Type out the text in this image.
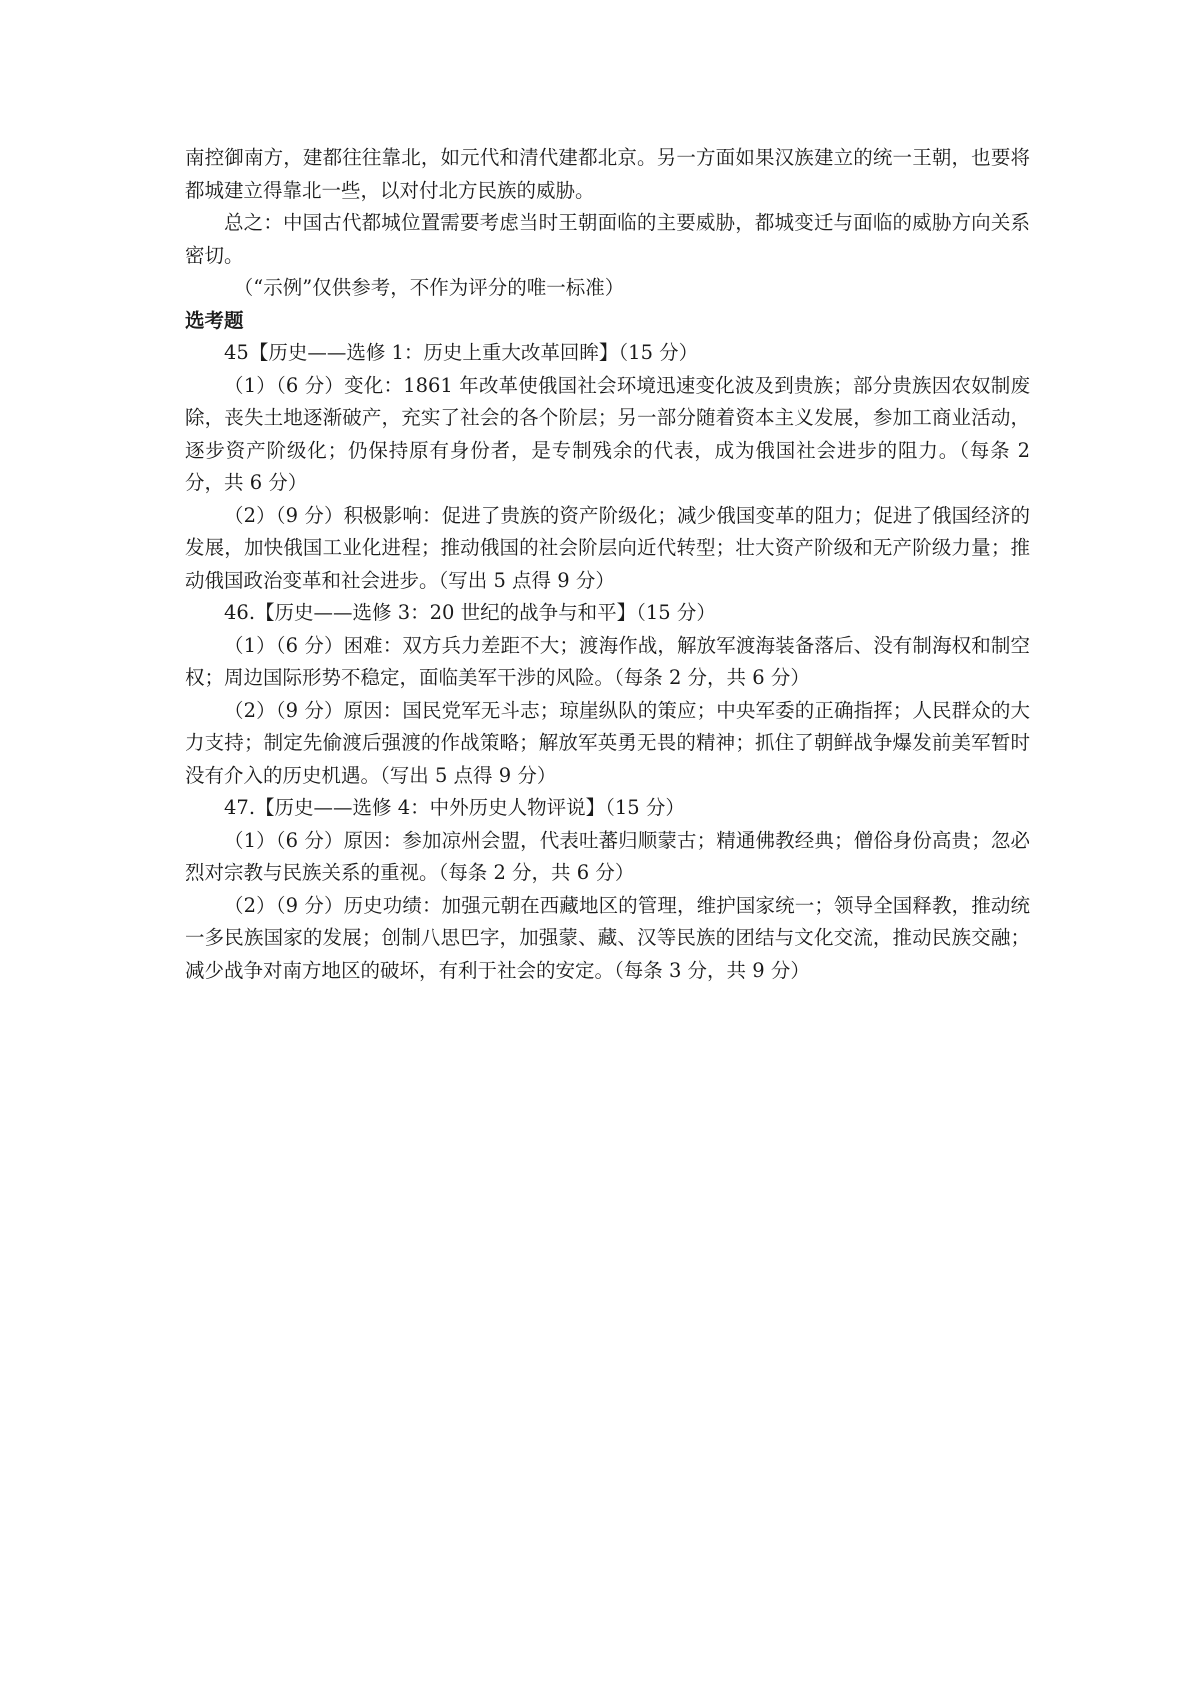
南控御南方，建都往往靠北，如元代和清代建都北京。另一方面如果汉族建立的统一王朝，也要将都城建立得靠北一些，以对付北方民族的威胁。

总之：中国古代都城位置需要考虑当时王朝面临的主要威胁，都城变迁与面临的威胁方向关系密切。

（“示例”仅供参考，不作为评分的唯一标准）

选考题

45【历史——选修 1：历史上重大改革回眸】（15 分）

（1）（6 分）变化：1861 年改革使俄国社会环境迅速变化波及到贵族；部分贵族因农奴制废除，丧失土地逐渐破产，充实了社会的各个阶层；另一部分随着资本主义发展，参加工商业活动，逐步资产阶级化；仍保持原有身份者，是专制残余的代表，成为俄国社会进步的阻力。（每条 2 分，共 6 分）

（2）（9 分）积极影响：促进了贵族的资产阶级化；减少俄国变革的阻力；促进了俄国经济的发展，加快俄国工业化进程；推动俄国的社会阶层向近代转型；壮大资产阶级和无产阶级力量；推动俄国政治变革和社会进步。（写出 5 点得 9 分）

46.【历史——选修 3：20 世纪的战争与和平】（15 分）

（1）（6 分）困难：双方兵力差距不大；渡海作战，解放军渡海装备落后、没有制海权和制空权；周边国际形势不稳定，面临美军干涉的风险。（每条 2 分，共 6 分）

（2）（9 分）原因：国民党军无斗志；琼崖纵队的策应；中央军委的正确指挥；人民群众的大力支持；制定先偷渡后强渡的作战策略；解放军英勇无畏的精神；抓住了朝鲜战争爆发前美军暂时没有介入的历史机遇。（写出 5 点得 9 分）

47.【历史——选修 4：中外历史人物评说】（15 分）

（1）（6 分）原因：参加凉州会盟，代表吐蕃归顺蒙古；精通佛教经典；僧俗身份高贵；忽必烈对宗教与民族关系的重视。（每条 2 分，共 6 分）

（2）（9 分）历史功绩：加强元朝在西藏地区的管理，维护国家统一；领导全国释教，推动统一多民族国家的发展；创制八思巴字，加强蒙、藏、汉等民族的团结与文化交流，推动民族交融；减少战争对南方地区的破坏，有利于社会的安定。（每条 3 分，共 9 分）
